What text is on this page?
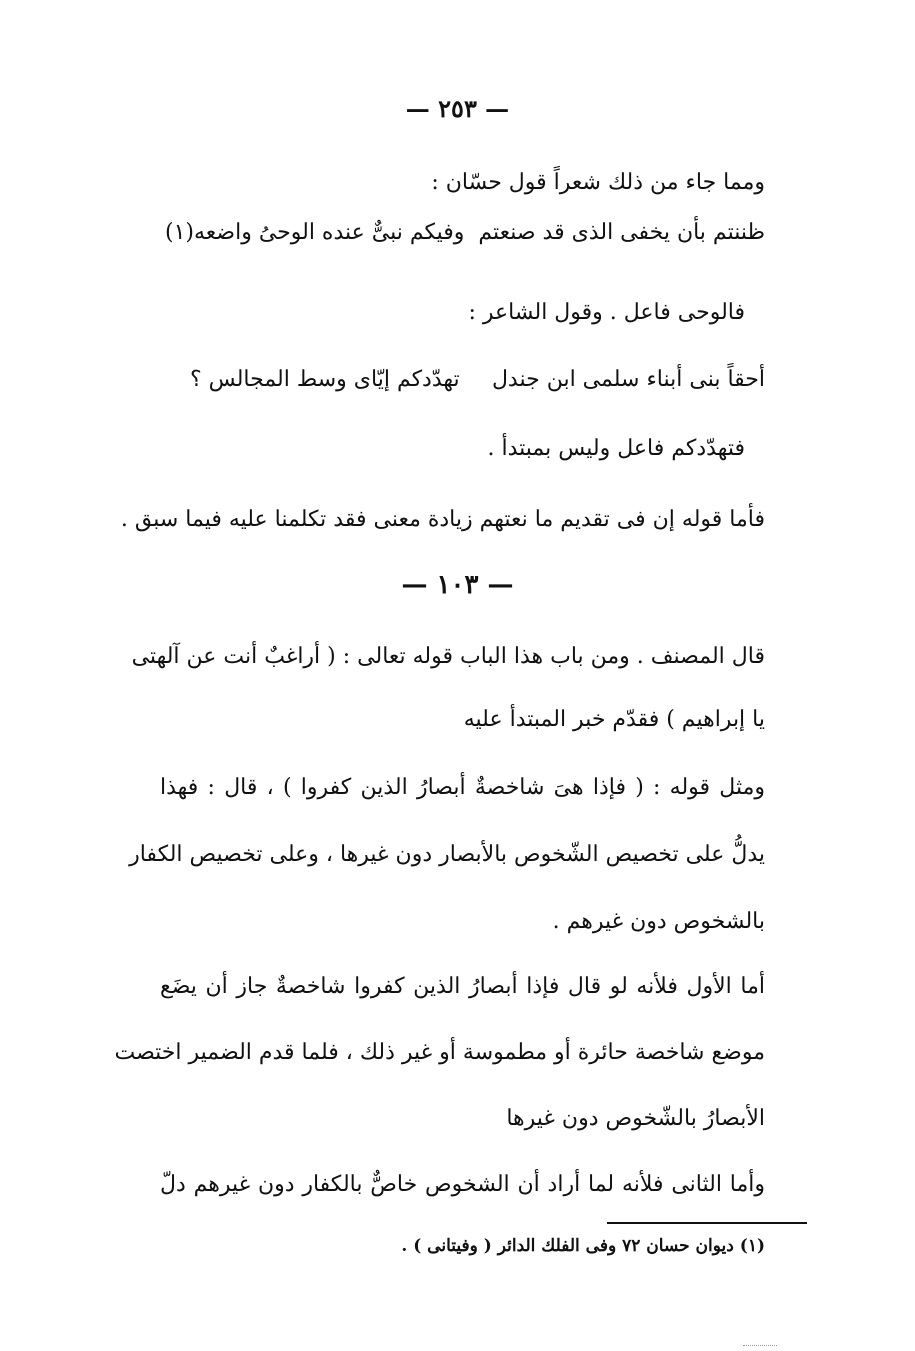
— ٢٥٣ —
ومما جاء من ذلك شعراً قول حسّان :
ظننتم بأن يخفى الذى قد صنعتم
وفيكم نبىٌّ عنده الوحىُ واضعه(١)
فالوحى فاعل . وقول الشاعر :
أحقاً بنى أبناء سلمى ابن جندل
تهدّدكم إيّاى وسط المجالس ؟
فتهدّدكم فاعل وليس بمبتدأ .
فأما قوله إن فى تقديم ما نعتهم زيادة معنى فقد تكلمنا عليه فيما سبق .
— ١٠٣ —
قال المصنف . ومن باب هذا الباب قوله تعالى : ( أراغبٌ أنت عن آلهتى
يا إبراهيم ) فقدّم خبر المبتدأ عليه
ومثل قوله : ( فإذا هىَ شاخصةٌ أبصارُ الذين كفروا ) ، قال : فهذا
يدلُّ على تخصيص الشّخوص بالأبصار دون غيرها ، وعلى تخصيص الكفار
بالشخوص دون غيرهم .
أما الأول فلأنه لو قال فإذا أبصارُ الذين كفروا شاخصةٌ جاز أن يضَع
موضع شاخصة حائرة أو مطموسة أو غير ذلك ، فلما قدم الضمير اختصت
الأبصارُ بالشّخوص دون غيرها
وأما الثانى فلأنه لما أراد أن الشخوص خاصٌّ بالكفار دون غيرهم دلّ
(١) ديوان حسان ٧٢ وفى الفلك الدائر ( وفيتانى ) .
